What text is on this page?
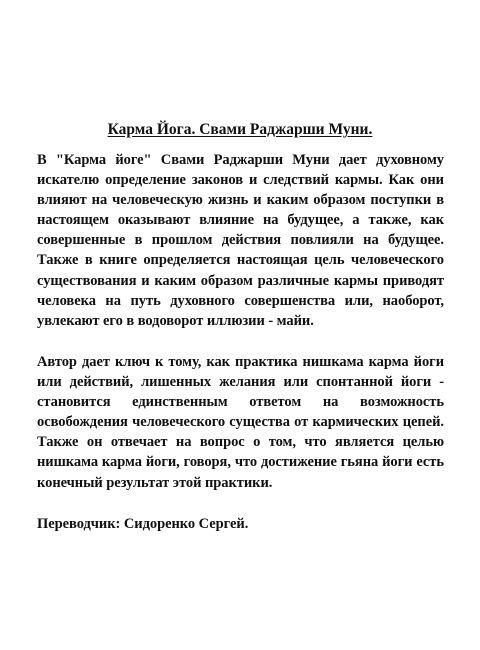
Карма Йога. Свами Раджарши Муни.

В "Карма йоге" Свами Раджарши Муни дает духовному искателю определение законов и следствий кармы. Как они влияют на человеческую жизнь и каким образом поступки в настоящем оказывают влияние на будущее, а также, как совершенные в прошлом действия повлияли на будущее. Также в книге определяется настоящая цель человеческого существования и каким образом различные кармы приводят человека на путь духовного совершенства или, наоборот, увлекают его в водоворот иллюзии - майи.

Автор дает ключ к тому, как практика нишкама карма йоги или действий, лишенных желания или спонтанной йоги - становится единственным ответом на возможность освобождения человеческого существа от кармических цепей. Также он отвечает на вопрос о том, что является целью нишкама карма йоги, говоря, что достижение гьяна йоги есть конечный результат этой практики.

Переводчик: Сидоренко Сергей.
